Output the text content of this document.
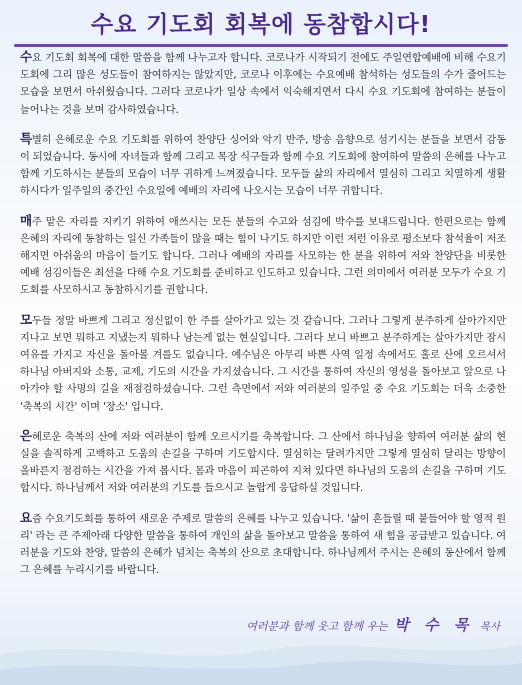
수요 기도회 회복에 동참합시다!

수요 기도회 회복에 대한 말씀을 함께 나누고자 합니다. 코로나가 시작되기 전에도 주일연합예배에 비해 수요기도회에 그리 많은 성도들이 참여하지는 않았지만, 코로나 이후에는 수요예배 참석하는 성도들의 수가 줄어드는 모습을 보면서 아쉬웠습니다. 그러다 코로나가 일상 속에서 익숙해지면서 다시 수요 기도회에 참여하는 분들이 늘어나는 것을 보며 감사하였습니다.

특별히 은혜로운 수요 기도회를 위하여 찬양단 싱어와 악기 반주, 방송 음향으로 섬기시는 분들을 보면서 감동이 되었습니다. 동시에 자녀들과 함께 그리고 목장 식구들과 함께 수요 기도회에 참여하여 말씀의 은혜를 나누고 함께 기도하시는 분들의 모습이 너무 귀하게 느껴졌습니다. 모두들 삶의 자리에서 열심히 그리고 치열하게 생활하시다가 일주일의 중간인 수요일에 예배의 자리에 나오시는 모습이 너무 귀합니다.

매주 맡은 자리를 지키기 위하여 애쓰시는 모든 분들의 수고와 섬김에 박수를 보내드립니다. 한편으로는 함께 은혜의 자리에 동참하는 일신 가족들이 많을 때는 힘이 나기도 하지만 이런 저런 이유로 평소보다 참석율이 저조해지면 아쉬움의 마음이 들기도 합니다. 그러나 예배의 자리를 사모하는 한 분을 위하여 저와 찬양단을 비롯한 예배 섬김이들은 최선을 다해 수요 기도회를 준비하고 인도하고 있습니다. 그런 의미에서 여러분 모두가 수요 기도회를 사모하시고 동참하시기를 권합니다.

모두들 정말 바쁘게 그리고 정신없이 한 주를 살아가고 있는 것 같습니다. 그러나 그렇게 분주하게 살아가지만 지나고 보면 뭐하고 지냈는지 뭐하나 남는게 없는 현실입니다. 그러다 보니 바쁘고 분주하게는 살아가지만 잠시 여유를 가지고 자신을 돌아볼 겨를도 없습니다. 예수님은 아무리 바쁜 사역 일정 속에서도 홀로 산에 오르셔서 하나님 아버지와 소통, 교제, 기도의 시간을 가지셨습니다. 그 시간을 통하여 자신의 영성을 돌아보고 앞으로 나아가야 할 사명의 길을 재점검하셨습니다. 그런 측면에서 저와 여러분의 일주일 중 수요 기도회는 더욱 소중한 '축복의 시간' 이며 '장소' 입니다.

은혜로운 축복의 산에 저와 여러분이 함께 오르시기를 축복합니다. 그 산에서 하나님을 향하여 여러분 삶의 현실을 솔직하게 고백하고 도움의 손길을 구하며 기도합시다. 열심히는 달려가지만 그렇게 열심히 달리는 방향이 올바른지 점검하는 시간을 가져 봅시다. 몸과 마음이 피곤하여 지쳐 있다면 하나님의 도움의 손길을 구하며 기도합시다. 하나님께서 저와 여러분의 기도를 들으시고 놀랍게 응답하실 것입니다.

요즘 수요기도회를 통하여 새로운 주제로 말씀의 은혜를 나누고 있습니다. '삶이 흔들릴 때 붙들어야 할 영적 원리' 라는 큰 주제아래 다양한 말씀을 통하여 개인의 삶을 돌아보고 말씀을 통하여 새 힘을 공급받고 있습니다. 여러분을 기도와 찬양, 말씀의 은혜가 넘치는 축복의 산으로 초대합니다. 하나님께서 주시는 은혜의 동산에서 함께 그 은혜를 누리시기를 바랍니다.

여러분과 함께 웃고 함께 우는 박 수 목 목사
